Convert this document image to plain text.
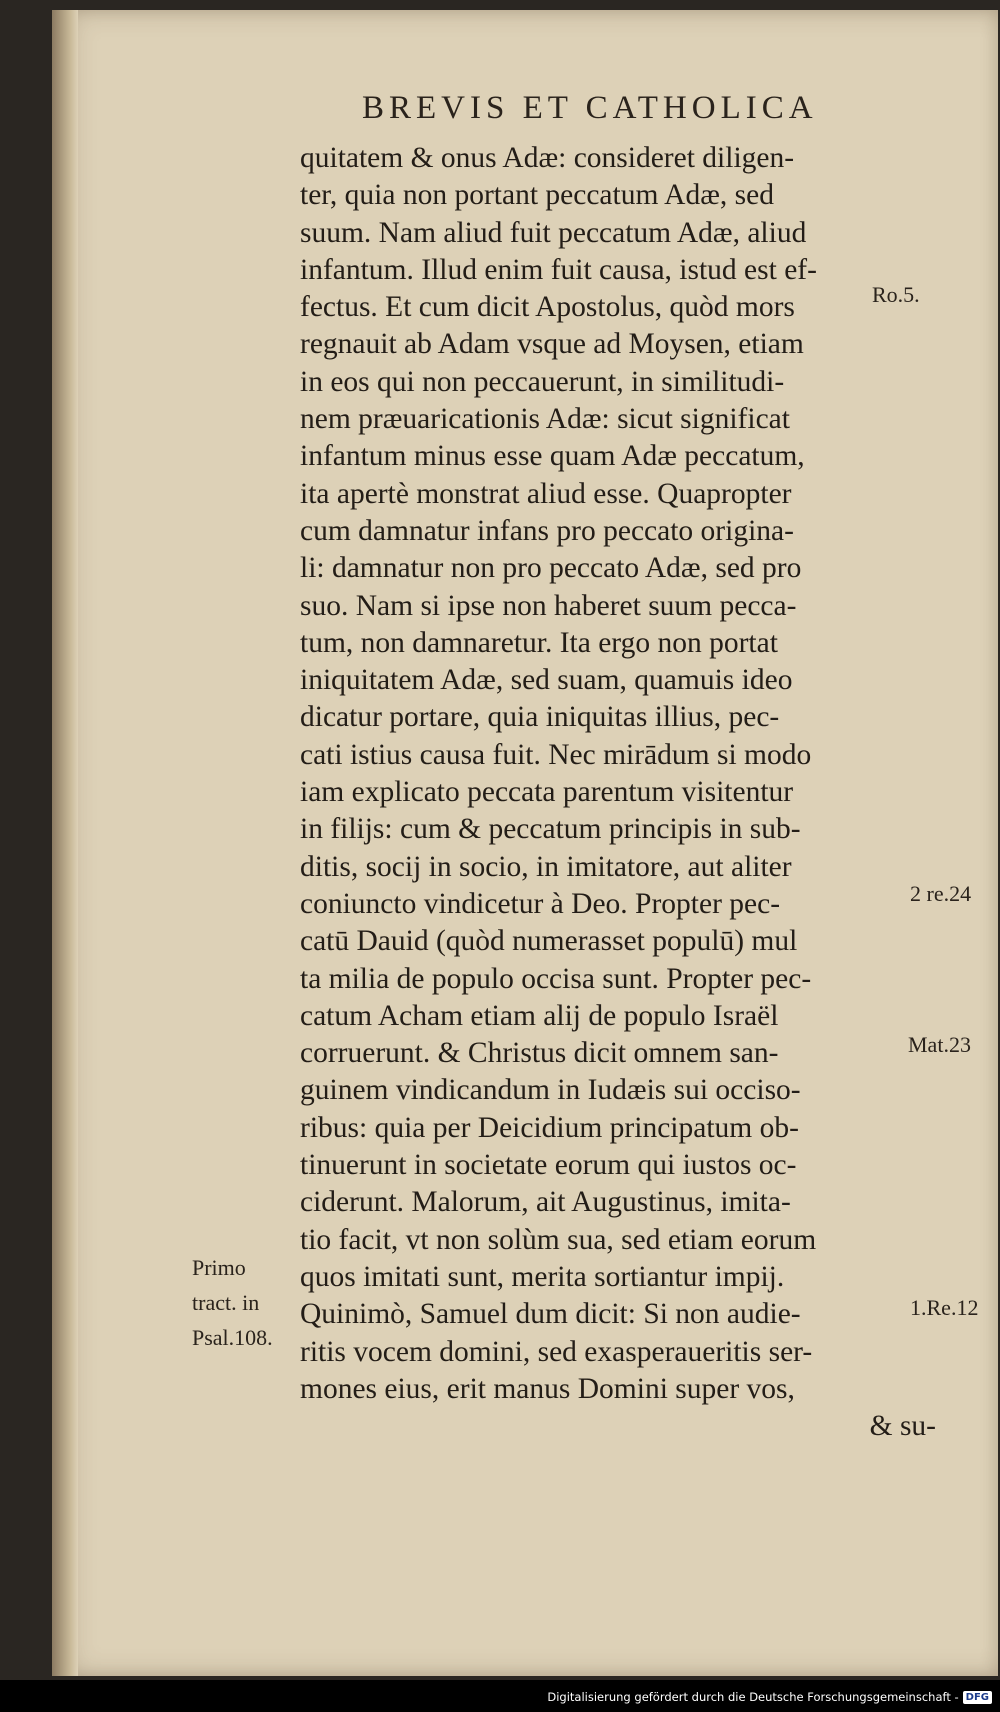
BREVIS ET CATHOLICA
quitatem & onus Adæ: consideret diligen-
ter, quia non portant peccatum Adæ, sed
suum. Nam aliud fuit peccatum Adæ, aliud
infantum. Illud enim fuit causa, istud est ef-
fectus. Et cum dicit Apostolus, quòd mors
regnauit ab Adam vsque ad Moysen, etiam
in eos qui non peccauerunt, in similitudi-
nem præuaricationis Adæ: sicut significat
infantum minus esse quam Adæ peccatum,
ita apertè monstrat aliud esse. Quapropter
cum damnatur infans pro peccato origina-
li: damnatur non pro peccato Adæ, sed pro
suo. Nam si ipse non haberet suum pecca-
tum, non damnaretur. Ita ergo non portat
iniquitatem Adæ, sed suam, quamuis ideo
dicatur portare, quia iniquitas illius, pec-
cati istius causa fuit. Nec mirādum si modo
iam explicato peccata parentum visitentur
in filijs: cum & peccatum principis in sub-
ditis, socij in socio, in imitatore, aut aliter
coniuncto vindicetur à Deo. Propter pec-
catū Dauid (quòd numerasset populū) mul
ta milia de populo occisa sunt. Propter pec-
catum Acham etiam alij de populo Israël
corruerunt. & Christus dicit omnem san-
guinem vindicandum in Iudæis sui occiso-
ribus: quia per Deicidium principatum ob-
tinuerunt in societate eorum qui iustos oc-
ciderunt. Malorum, ait Augustinus, imita-
tio facit, vt non solùm sua, sed etiam eorum
quos imitati sunt, merita sortiantur impij.
Quinimò, Samuel dum dicit: Si non audie-
ritis vocem domini, sed exasperaueritis ser-
mones eius, erit manus Domini super vos,
& su-
Ro.5.
2 re.24
Mat.23
1.Re.12
Primo
tract. in
Psal.108.
Digitalisierung gefördert durch die Deutsche Forschungsgemeinschaft - DFG
